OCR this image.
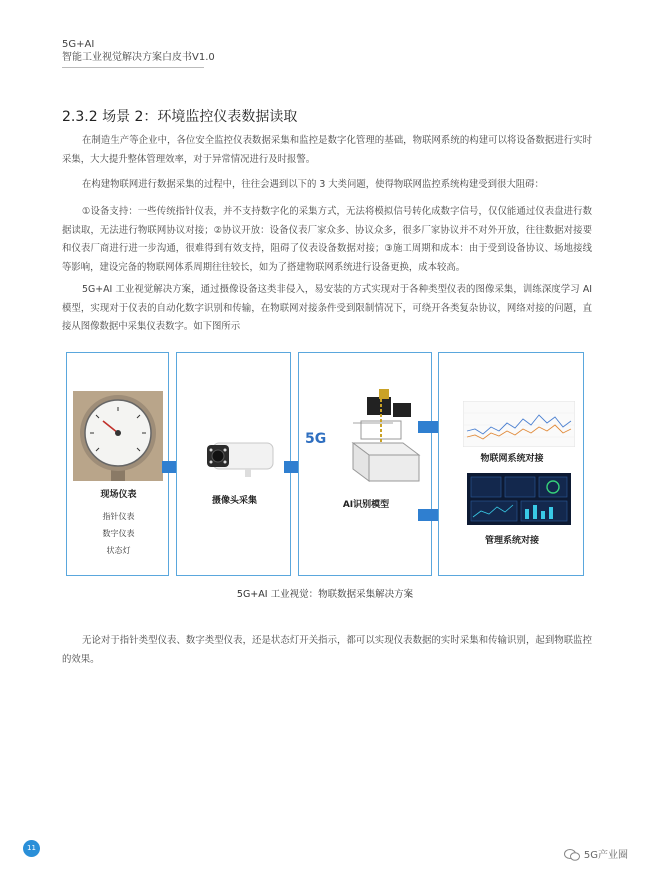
5G+AI
智能工业视觉解决方案白皮书V1.0
2.3.2 场景 2：环境监控仪表数据读取

在制造生产等企业中，各位安全监控仪表数据采集和监控是数字化管理的基础，物联网系统的构建可以将设备数据进行实时采集，大大提升整体管理效率，对于异常情况进行及时报警。

在构建物联网进行数据采集的过程中，往往会遇到以下的 3 大类问题，使得物联网监控系统构建受到很大阻碍：

①设备支持：一些传统指针仪表，并不支持数字化的采集方式，无法将模拟信号转化成数字信号，仅仅能通过仪表盘进行数据读取，无法进行物联网协议对接；②协议开放：设备仪表厂家众多、协议众多，很多厂家协议并不对外开放，往往数据对接要和仪表厂商进行进一步沟通，很难得到有效支持，阻碍了仪表设备数据对接；③施工周期和成本：由于受到设备协议、场地接线等影响，建设完备的物联网体系周期往往较长，如为了搭建物联网系统进行设备更换，成本较高。

5G+AI 工业视觉解决方案，通过摄像设备这类非侵入，易安装的方式实现对于各种类型仪表的图像采集，训练深度学习 AI 模型，实现对于仪表的自动化数字识别和传输，在物联网对接条件受到限制情况下，可绕开各类复杂协议，网络对接的问题，直接从图像数据中采集仪表数字。如下图所示

现场仪表
指针仪表
数字仪表
状态灯
摄像头采集
5G
AI识别模型
物联网系统对接
管理系统对接
5G+AI 工业视觉：物联数据采集解决方案

无论对于指针类型仪表、数字类型仪表，还是状态灯开关指示，都可以实现仪表数据的实时采集和传输识别，起到物联监控的效果。

11
5G产业圈
